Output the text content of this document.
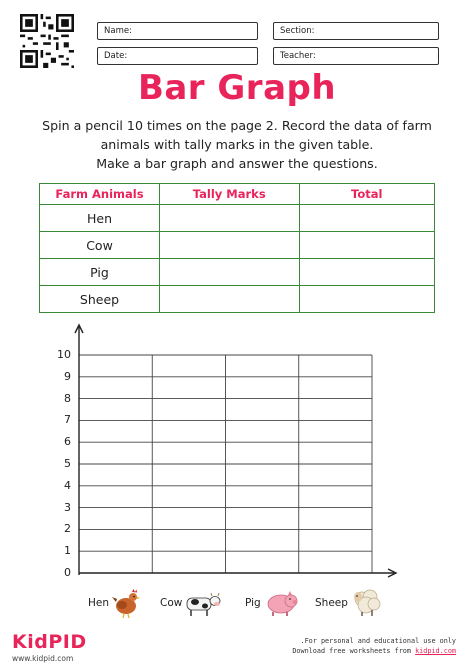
Name:	Section:
Date:	Teacher:
Bar Graph
Spin a pencil 10 times on the page 2. Record the data of farm
animals with tally marks in the given table.
Make a bar graph and answer the questions.
Farm Animals	Tally Marks	Total
Hen		
Cow		
Pig		
Sheep		
0
1
2
3
4
5
6
7
8
9
10
Hen	Cow	Pig	Sheep
KidPID
www.kidpid.com
.For personal and educational use only
Download free worksheets from kidpid.com
